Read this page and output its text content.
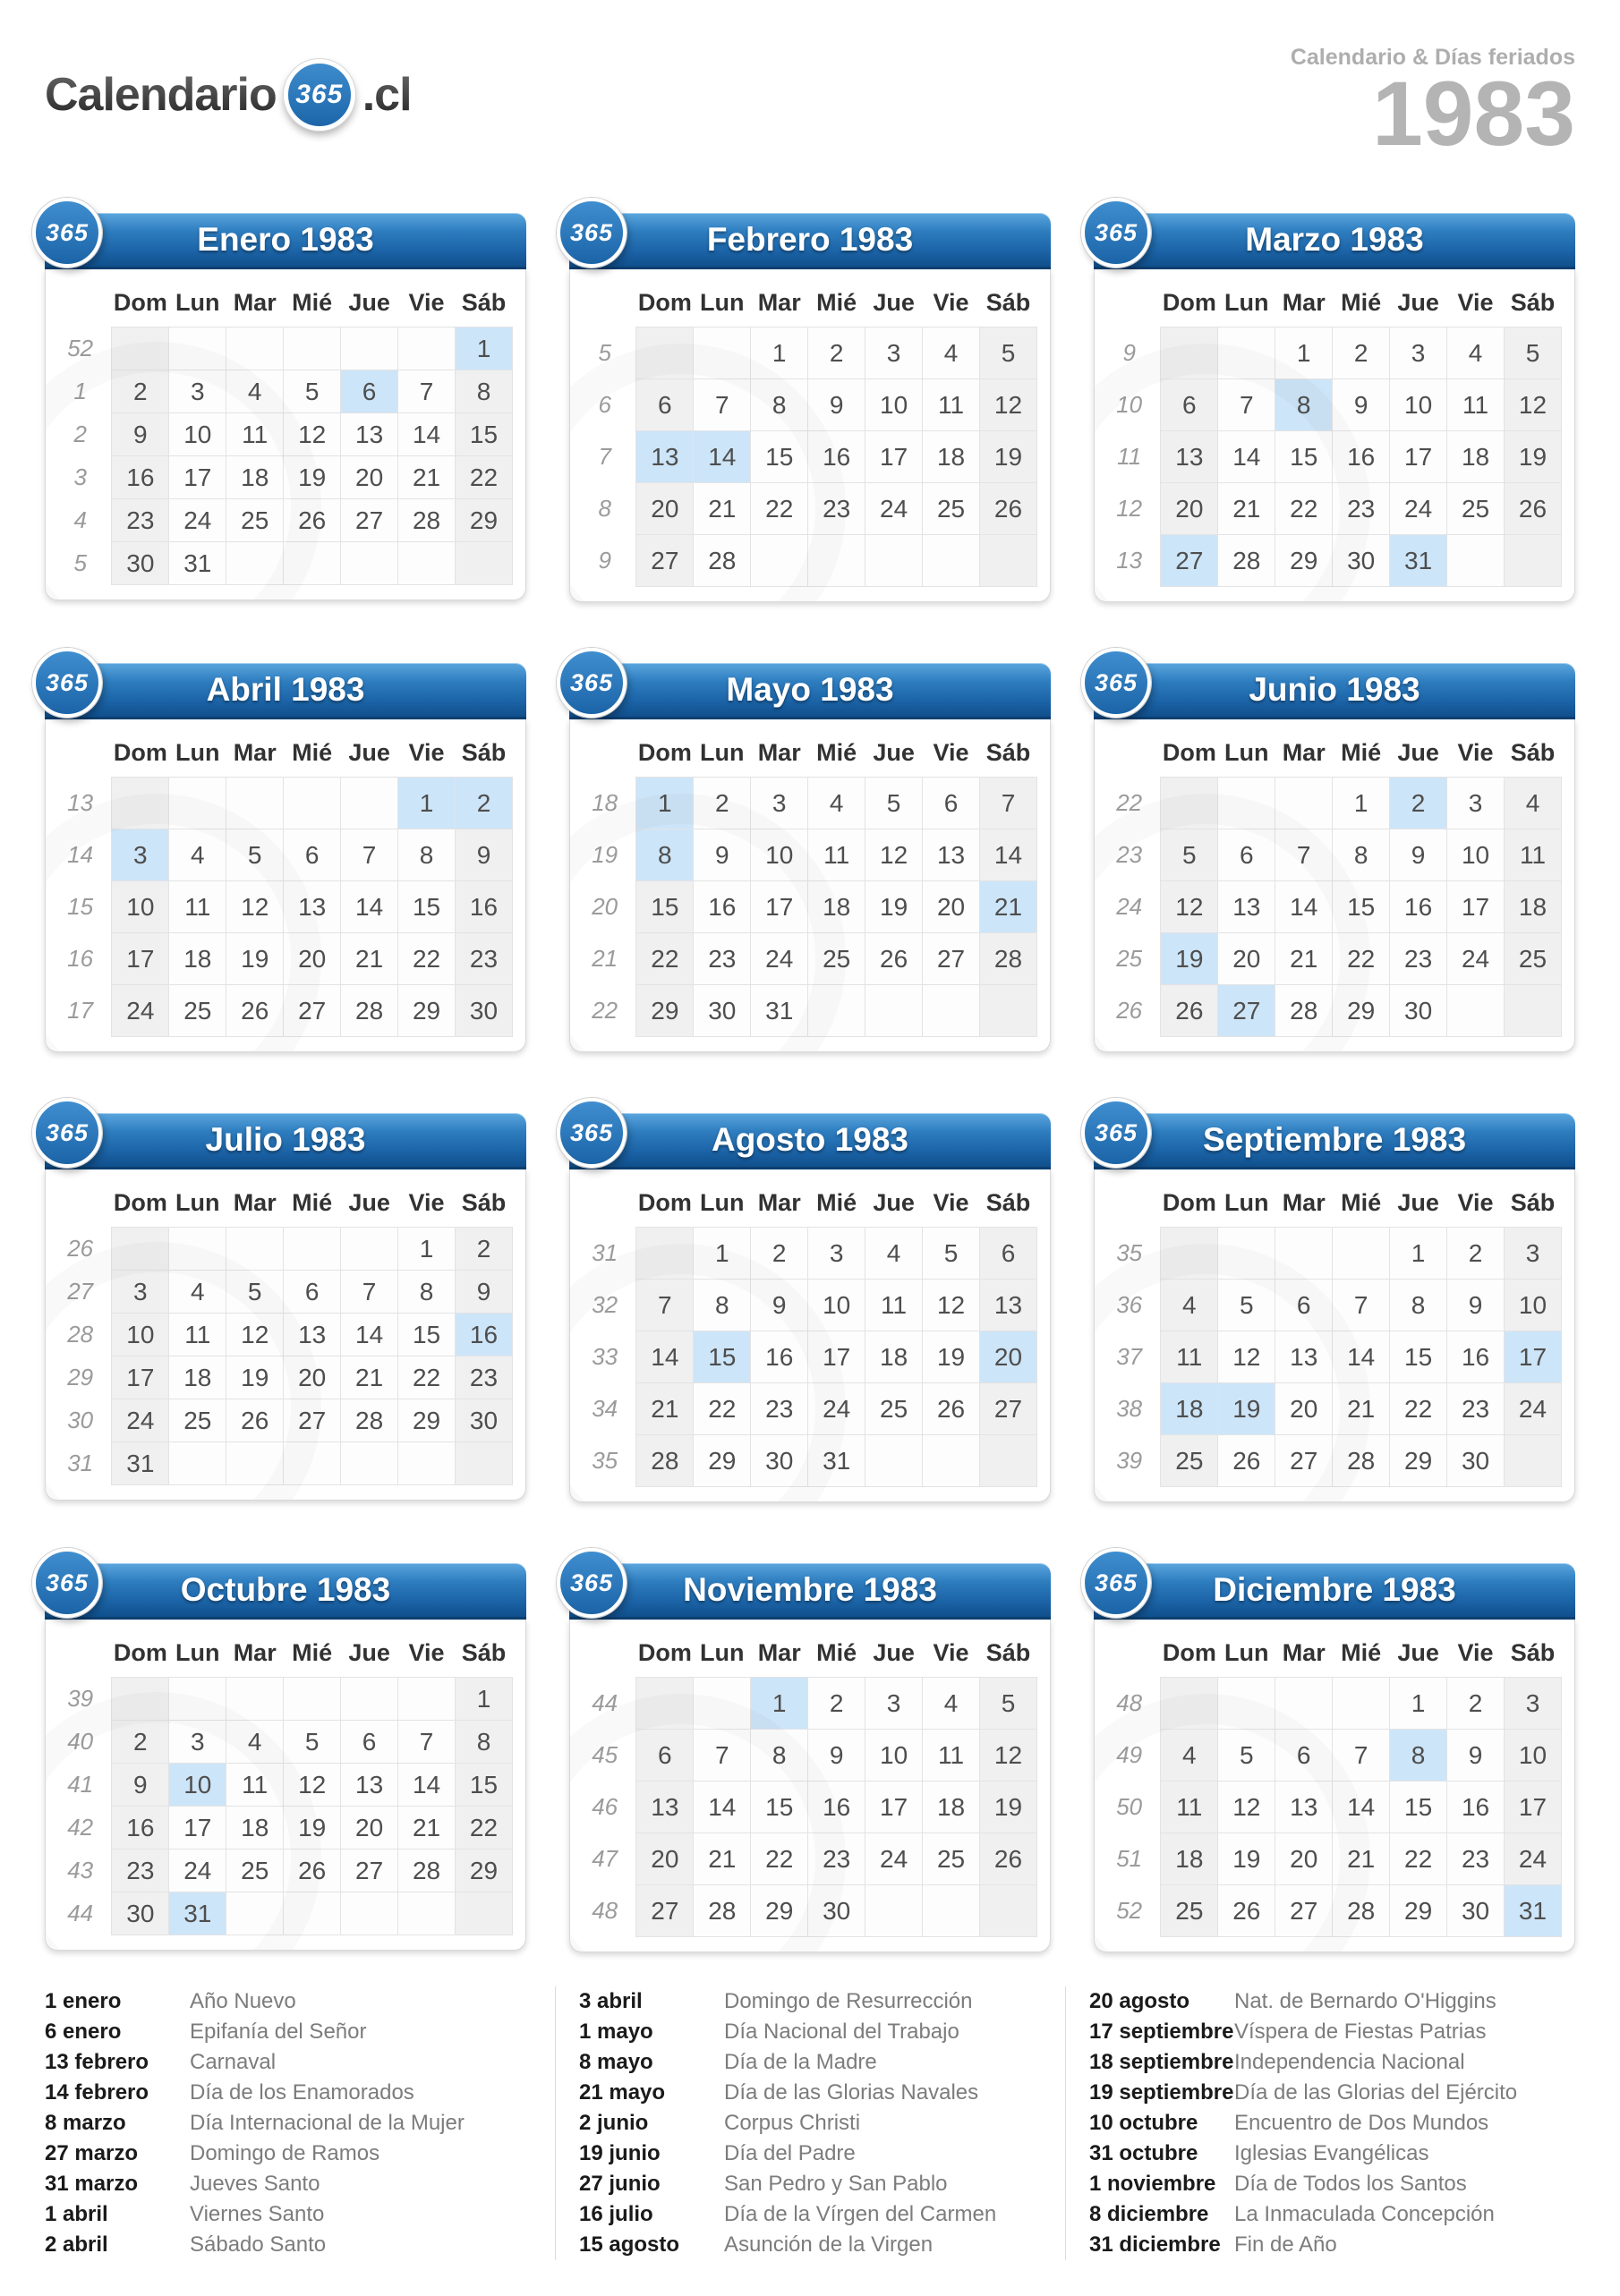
Calendario 365 .cl
Calendario & Días feriados
1983
365	Enero 1983
	Dom	Lun	Mar	Mié	Jue	Vie	Sáb
52							1
1	2	3	4	5	6	7	8
2	9	10	11	12	13	14	15
3	16	17	18	19	20	21	22
4	23	24	25	26	27	28	29
5	30	31					
365	Febrero 1983
	Dom	Lun	Mar	Mié	Jue	Vie	Sáb
5			1	2	3	4	5
6	6	7	8	9	10	11	12
7	13	14	15	16	17	18	19
8	20	21	22	23	24	25	26
9	27	28					
365	Marzo 1983
	Dom	Lun	Mar	Mié	Jue	Vie	Sáb
9			1	2	3	4	5
10	6	7	8	9	10	11	12
11	13	14	15	16	17	18	19
12	20	21	22	23	24	25	26
13	27	28	29	30	31		
365	Abril 1983
	Dom	Lun	Mar	Mié	Jue	Vie	Sáb
13						1	2
14	3	4	5	6	7	8	9
15	10	11	12	13	14	15	16
16	17	18	19	20	21	22	23
17	24	25	26	27	28	29	30
365	Mayo 1983
	Dom	Lun	Mar	Mié	Jue	Vie	Sáb
18	1	2	3	4	5	6	7
19	8	9	10	11	12	13	14
20	15	16	17	18	19	20	21
21	22	23	24	25	26	27	28
22	29	30	31				
365	Junio 1983
	Dom	Lun	Mar	Mié	Jue	Vie	Sáb
22				1	2	3	4
23	5	6	7	8	9	10	11
24	12	13	14	15	16	17	18
25	19	20	21	22	23	24	25
26	26	27	28	29	30		
365	Julio 1983
	Dom	Lun	Mar	Mié	Jue	Vie	Sáb
26						1	2
27	3	4	5	6	7	8	9
28	10	11	12	13	14	15	16
29	17	18	19	20	21	22	23
30	24	25	26	27	28	29	30
31	31						
365	Agosto 1983
	Dom	Lun	Mar	Mié	Jue	Vie	Sáb
31		1	2	3	4	5	6
32	7	8	9	10	11	12	13
33	14	15	16	17	18	19	20
34	21	22	23	24	25	26	27
35	28	29	30	31			
365	Septiembre 1983
	Dom	Lun	Mar	Mié	Jue	Vie	Sáb
35					1	2	3
36	4	5	6	7	8	9	10
37	11	12	13	14	15	16	17
38	18	19	20	21	22	23	24
39	25	26	27	28	29	30	
365	Octubre 1983
	Dom	Lun	Mar	Mié	Jue	Vie	Sáb
39							1
40	2	3	4	5	6	7	8
41	9	10	11	12	13	14	15
42	16	17	18	19	20	21	22
43	23	24	25	26	27	28	29
44	30	31					
365	Noviembre 1983
	Dom	Lun	Mar	Mié	Jue	Vie	Sáb
44			1	2	3	4	5
45	6	7	8	9	10	11	12
46	13	14	15	16	17	18	19
47	20	21	22	23	24	25	26
48	27	28	29	30			
365	Diciembre 1983
	Dom	Lun	Mar	Mié	Jue	Vie	Sáb
48					1	2	3
49	4	5	6	7	8	9	10
50	11	12	13	14	15	16	17
51	18	19	20	21	22	23	24
52	25	26	27	28	29	30	31
1 enero	Año Nuevo
6 enero	Epifanía del Señor
13 febrero	Carnaval
14 febrero	Día de los Enamorados
8 marzo	Día Internacional de la Mujer
27 marzo	Domingo de Ramos
31 marzo	Jueves Santo
1 abril	Viernes Santo
2 abril	Sábado Santo
3 abril	Domingo de Resurrección
1 mayo	Día Nacional del Trabajo
8 mayo	Día de la Madre
21 mayo	Día de las Glorias Navales
2 junio	Corpus Christi
19 junio	Día del Padre
27 junio	San Pedro y San Pablo
16 julio	Día de la Vírgen del Carmen
15 agosto	Asunción de la Virgen
20 agosto	Nat. de Bernardo O'Higgins
17 septiembre Víspera de Fiestas Patrias
18 septiembre Independencia Nacional
19 septiembre Día de las Glorias del Ejército
10 octubre	Encuentro de Dos Mundos
31 octubre	Iglesias Evangélicas
1 noviembre Día de Todos los Santos
8 diciembre	La Inmaculada Concepción
31 diciembre Fin de Año
